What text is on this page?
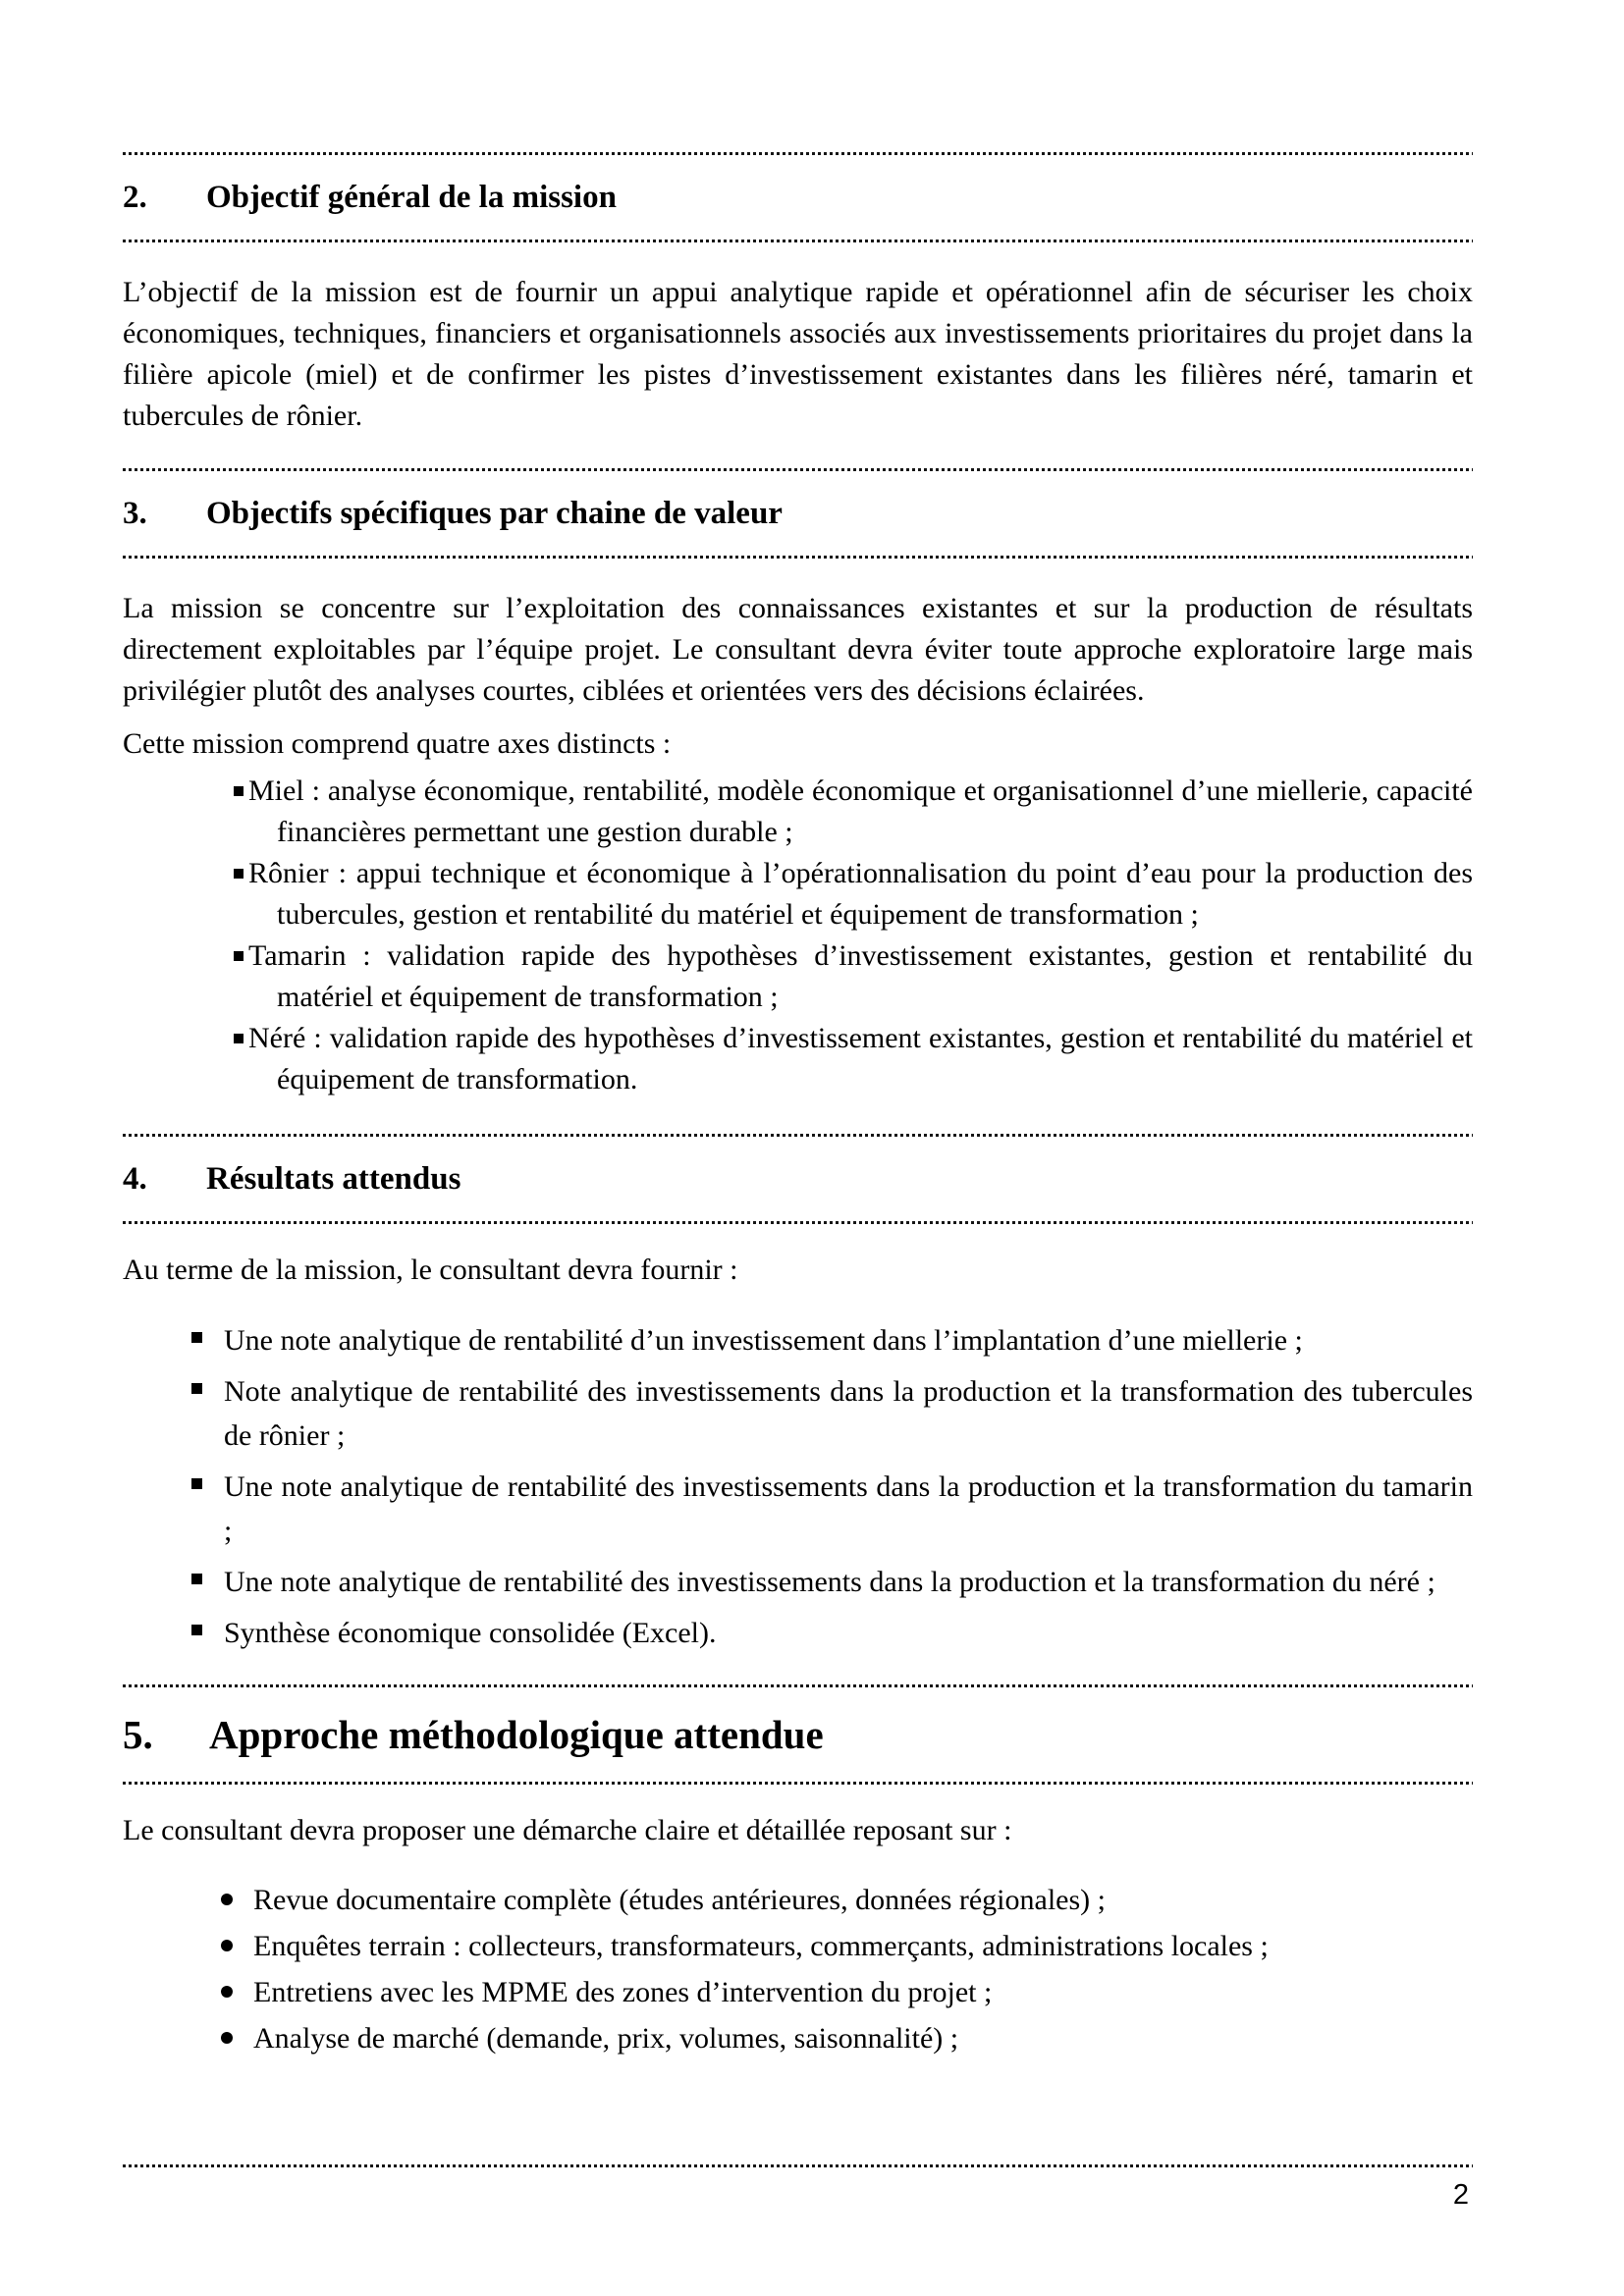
2.	Objectif général de la mission

L’objectif de la mission est de fournir un appui analytique rapide et opérationnel afin de sécuriser les choix économiques, techniques, financiers et organisationnels associés aux investissements prioritaires du projet dans la filière apicole (miel) et de confirmer les pistes d’investissement existantes dans les filières néré, tamarin et tubercules de rônier.

3.	Objectifs spécifiques par chaine de valeur

La mission se concentre sur l’exploitation des connaissances existantes et sur la production de résultats directement exploitables par l’équipe projet. Le consultant devra éviter toute approche exploratoire large mais privilégier plutôt des analyses courtes, ciblées et orientées vers des décisions éclairées.

Cette mission comprend quatre axes distincts :

Miel : analyse économique, rentabilité, modèle économique et organisationnel d’une miellerie, capacité financières permettant une gestion durable ;
Rônier : appui technique et économique à l’opérationnalisation du point d’eau pour la production des tubercules, gestion et rentabilité du matériel et équipement de transformation ;
Tamarin : validation rapide des hypothèses d’investissement existantes, gestion et rentabilité du matériel et équipement de transformation ;
Néré : validation rapide des hypothèses d’investissement existantes, gestion et rentabilité du matériel et équipement de transformation.
4.	Résultats attendus

Au terme de la mission, le consultant devra fournir :

Une note analytique de rentabilité d’un investissement dans l’implantation d’une miellerie ;
Note analytique de rentabilité des investissements dans la production et la transformation des tubercules de rônier ;
Une note analytique de rentabilité des investissements dans la production et la transformation du tamarin ;
Une note analytique de rentabilité des investissements dans la production et la transformation du néré ;
Synthèse économique consolidée (Excel).
5.	Approche méthodologique attendue

Le consultant devra proposer une démarche claire et détaillée reposant sur :

Revue documentaire complète (études antérieures, données régionales) ;
Enquêtes terrain : collecteurs, transformateurs, commerçants, administrations locales ;
Entretiens avec les MPME des zones d’intervention du projet ;
Analyse de marché (demande, prix, volumes, saisonnalité) ;
2
